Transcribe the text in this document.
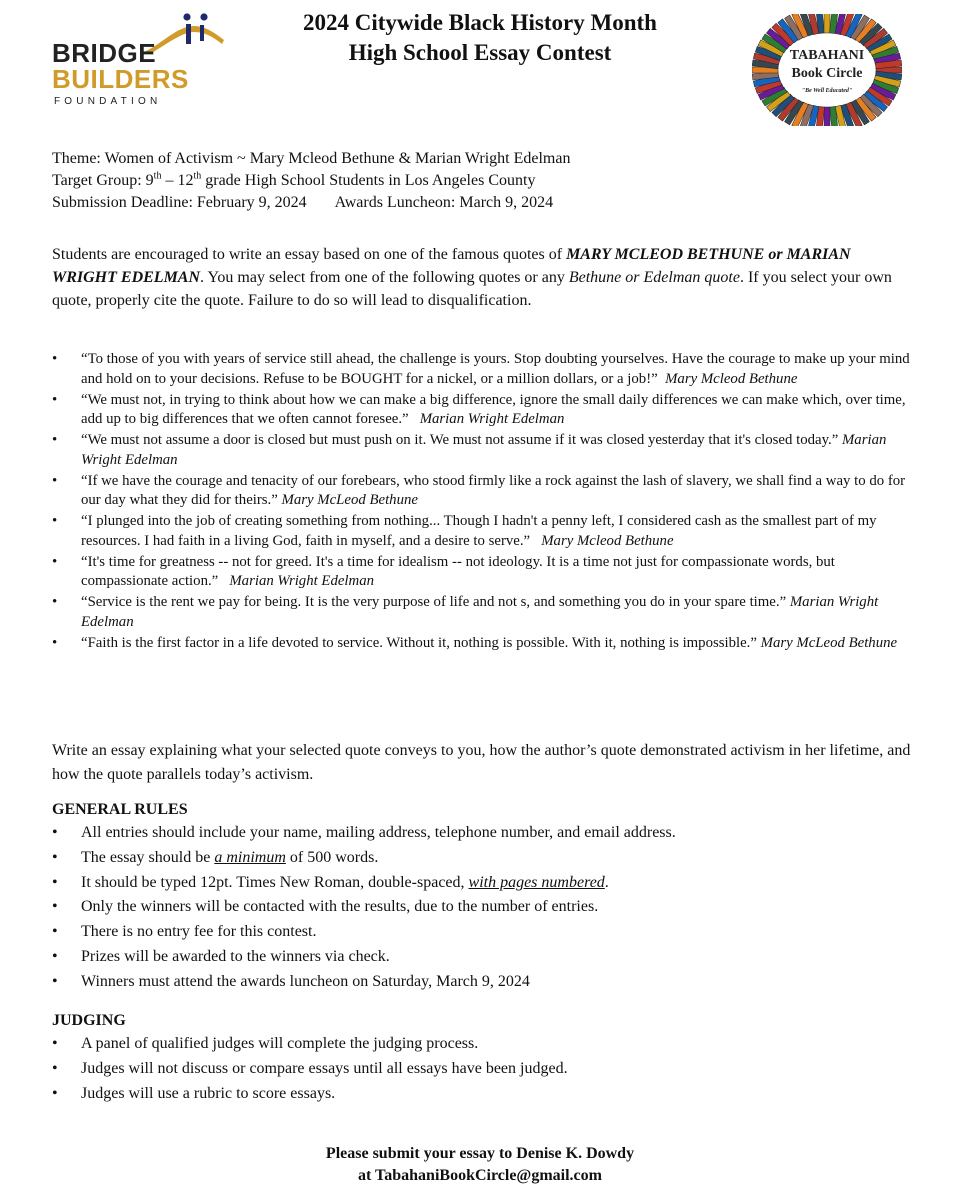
BRIDGE
BUILDERS
FOUNDATION
2024 Citywide Black History Month
High School Essay Contest	TABAHANI
Book Circle
"Be Well Educated"
Theme: Women of Activism ~ Mary Mcleod Bethune & Marian Wright Edelman
Target Group: 9th – 12th grade High School Students in Los Angeles County
Submission Deadline: February 9, 2024 Awards Luncheon: March 9, 2024
Students are encouraged to write an essay based on one of the famous quotes of MARY MCLEOD BETHUNE or MARIAN WRIGHT EDELMAN. You may select from one of the following quotes or any Bethune or Edelman quote. If you select your own quote, properly cite the quote. Failure to do so will lead to disqualification.
• “To those of you with years of service still ahead, the challenge is yours. Stop doubting yourselves. Have the courage to make up your mind and hold on to your decisions. Refuse to be BOUGHT for a nickel, or a million dollars, or a job!” Mary Mcleod Bethune
• “We must not, in trying to think about how we can make a big difference, ignore the small daily differences we can make which, over time, add up to big differences that we often cannot foresee.” Marian Wright Edelman
• “We must not assume a door is closed but must push on it. We must not assume if it was closed yesterday that it's closed today.” Marian Wright Edelman
• “If we have the courage and tenacity of our forebears, who stood firmly like a rock against the lash of slavery, we shall find a way to do for our day what they did for theirs.” Mary McLeod Bethune
• “I plunged into the job of creating something from nothing... Though I hadn't a penny left, I considered cash as the smallest part of my resources. I had faith in a living God, faith in myself, and a desire to serve.” Mary Mcleod Bethune
• “It's time for greatness -- not for greed. It's a time for idealism -- not ideology. It is a time not just for compassionate words, but compassionate action.” Marian Wright Edelman
• “Service is the rent we pay for being. It is the very purpose of life and not s, and something you do in your spare time.” Marian Wright Edelman
• “Faith is the first factor in a life devoted to service. Without it, nothing is possible. With it, nothing is impossible.” Mary McLeod Bethune
Write an essay explaining what your selected quote conveys to you, how the author’s quote demonstrated activism in her lifetime, and how the quote parallels today’s activism.
GENERAL RULES
• All entries should include your name, mailing address, telephone number, and email address.
• The essay should be a minimum of 500 words.
• It should be typed 12pt. Times New Roman, double-spaced, with pages numbered.
• Only the winners will be contacted with the results, due to the number of entries.
• There is no entry fee for this contest.
• Prizes will be awarded to the winners via check.
• Winners must attend the awards luncheon on Saturday, March 9, 2024
JUDGING
• A panel of qualified judges will complete the judging process.
• Judges will not discuss or compare essays until all essays have been judged.
• Judges will use a rubric to score essays.
Please submit your essay to Denise K. Dowdy
at TabahaniBookCircle@gmail.com
